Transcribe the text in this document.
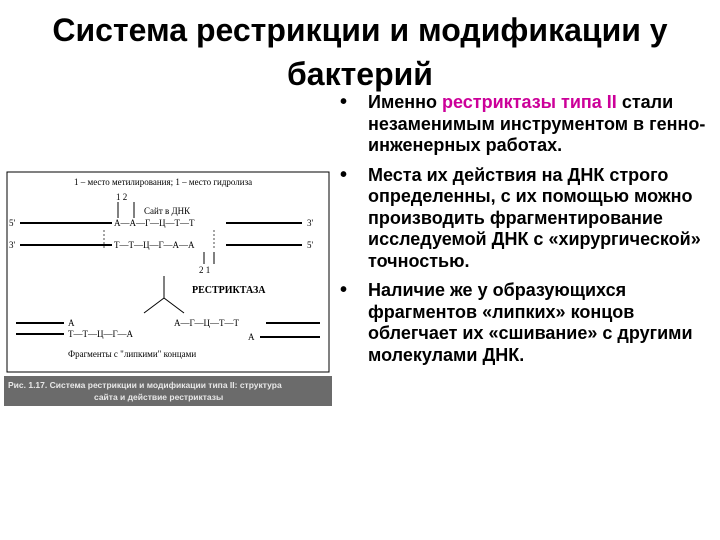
Система рестрикции и модификации у
бактерий
1 – место метилирования; 1 – место гидролиза
1 2
Сайт в ДНК
5'	А—А—Г—Ц—Т—Т	3'
3'	Т—Т—Ц—Г—А—А	5'
2 1
РЕСТРИКТАЗА
А
Т—Т—Ц—Г—А
А—Г—Ц—Т—Т
А
Фрагменты с "липкими" концами
Рис. 1.17. Система рестрикции и модификации типа II: структура
сайта и действие рестриктазы
• Именно рестриктазы типа II стали незаменимым инструментом в генно-инженерных работах.
• Места их действия на ДНК строго определенны, с их помощью можно производить фрагментирование исследуемой ДНК с «хирургической» точностью.
• Наличие же у образующихся фрагментов «липких» концов облегчает их «сшивание» с другими молекулами ДНК.
